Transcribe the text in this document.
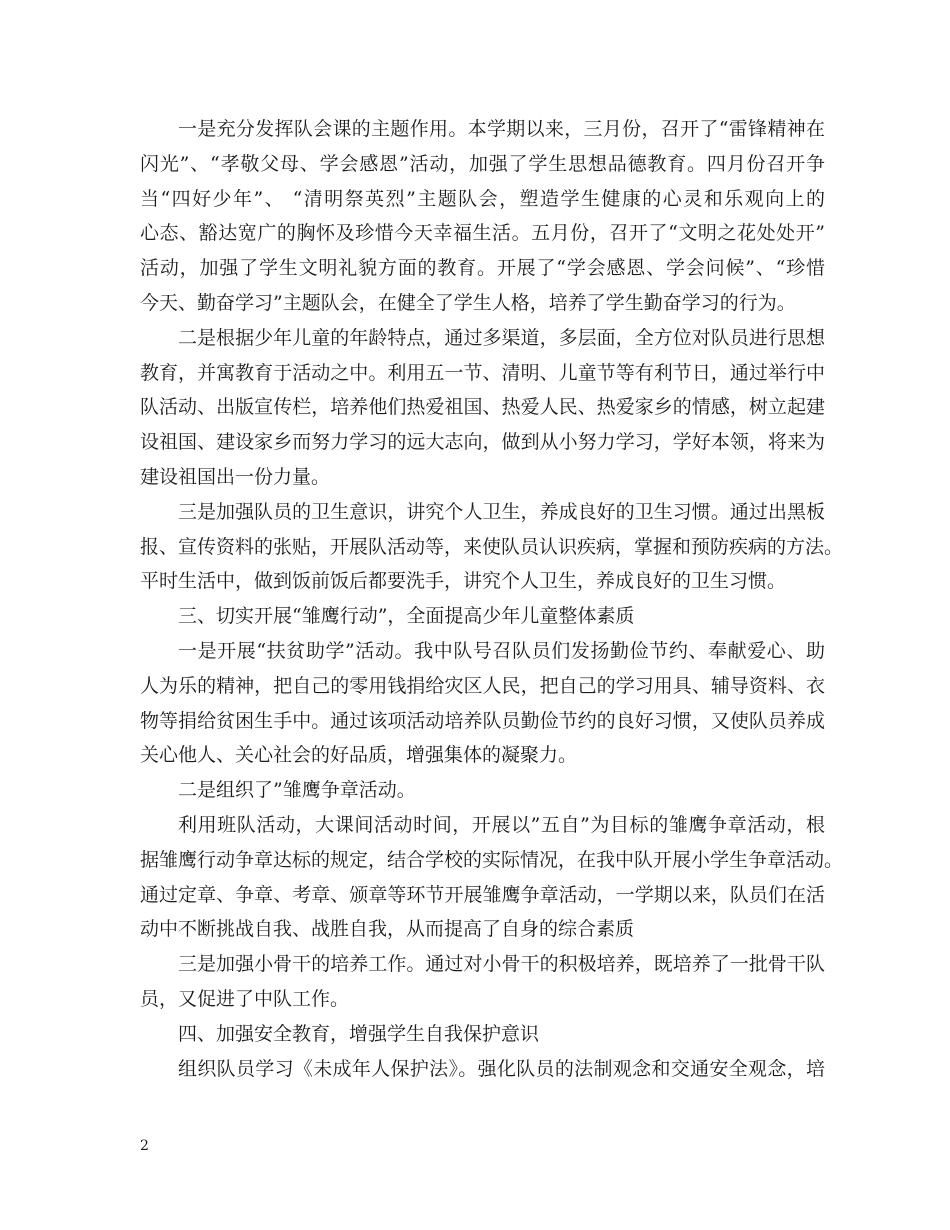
一是充分发挥队会课的主题作用。本学期以来，三月份，召开了“雷锋精神在
闪光”、“孝敬父母、学会感恩”活动，加强了学生思想品德教育。四月份召开争
当“四好少年”、 “清明祭英烈”主题队会，塑造学生健康的心灵和乐观向上的
心态、豁达宽广的胸怀及珍惜今天幸福生活。五月份，召开了“文明之花处处开”
活动，加强了学生文明礼貌方面的教育。开展了“学会感恩、学会问候”、“珍惜
今天、勤奋学习”主题队会，在健全了学生人格，培养了学生勤奋学习的行为。
二是根据少年儿童的年龄特点，通过多渠道，多层面，全方位对队员进行思想
教育，并寓教育于活动之中。利用五一节、清明、儿童节等有利节日，通过举行中
队活动、出版宣传栏，培养他们热爱祖国、热爱人民、热爱家乡的情感，树立起建
设祖国、建设家乡而努力学习的远大志向，做到从小努力学习，学好本领，将来为
建设祖国出一份力量。
三是加强队员的卫生意识，讲究个人卫生，养成良好的卫生习惯。通过出黑板
报、宣传资料的张贴，开展队活动等，来使队员认识疾病，掌握和预防疾病的方法。
平时生活中，做到饭前饭后都要洗手，讲究个人卫生，养成良好的卫生习惯。
三、切实开展“雏鹰行动”，全面提高少年儿童整体素质
一是开展“扶贫助学”活动。我中队号召队员们发扬勤俭节约、奉献爱心、助
人为乐的精神，把自己的零用钱捐给灾区人民，把自己的学习用具、辅导资料、衣
物等捐给贫困生手中。通过该项活动培养队员勤俭节约的良好习惯，又使队员养成
关心他人、关心社会的好品质，增强集体的凝聚力。
二是组织了”雏鹰争章活动。
利用班队活动，大课间活动时间，开展以”五自”为目标的雏鹰争章活动，根
据雏鹰行动争章达标的规定，结合学校的实际情况，在我中队开展小学生争章活动。
通过定章、争章、考章、颁章等环节开展雏鹰争章活动，一学期以来，队员们在活
动中不断挑战自我、战胜自我，从而提高了自身的综合素质
三是加强小骨干的培养工作。通过对小骨干的积极培养，既培养了一批骨干队
员，又促进了中队工作。
四、加强安全教育，增强学生自我保护意识
组织队员学习《未成年人保护法》。强化队员的法制观念和交通安全观念，培
2
